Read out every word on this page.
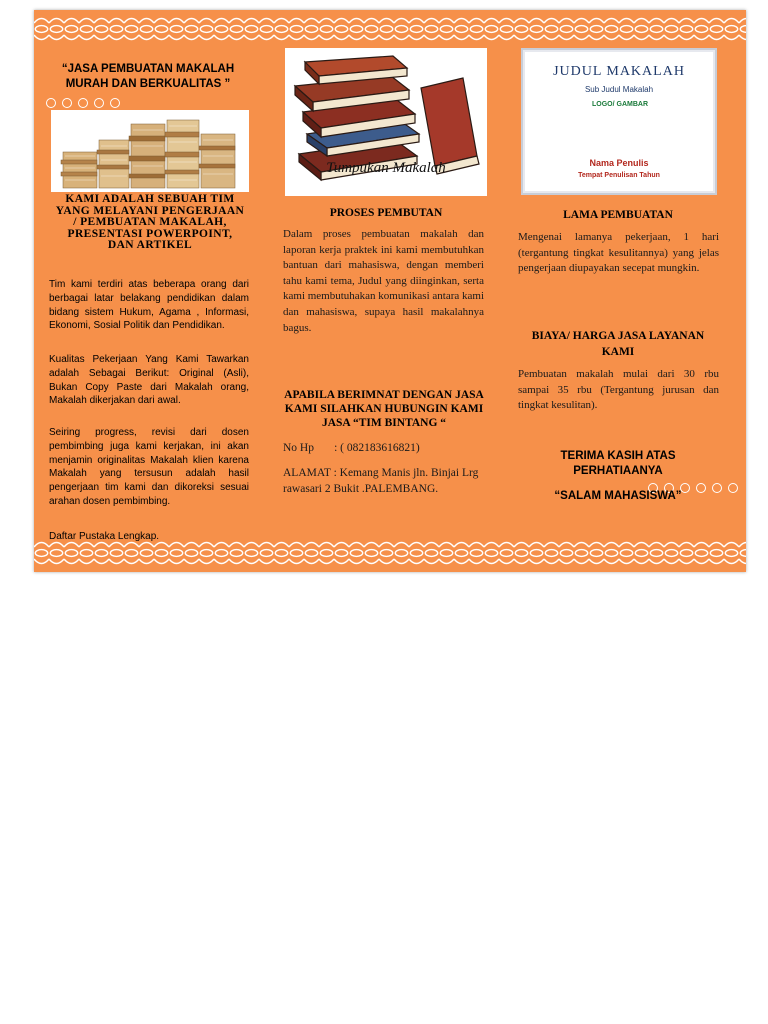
“JASA PEMBUATAN MAKALAH MURAH DAN BERKUALITAS ”
KAMI ADALAH SEBUAH TIM YANG MELAYANI PENGERJAAN / PEMBUATAN MAKALAH, PRESENTASI POWERPOINT, DAN ARTIKEL

Tim kami terdiri atas beberapa orang dari berbagai latar belakang pendidikan dalam bidang sistem Hukum, Agama , Informasi, Ekonomi, Sosial Politik dan Pendidikan.

Kualitas Pekerjaan Yang Kami Tawarkan adalah Sebagai Berikut: Original (Asli), Bukan Copy Paste dari Makalah orang, Makalah dikerjakan dari awal.

Seiring progress, revisi dari dosen pembimbing juga kami kerjakan, ini akan menjamin originalitas Makalah klien karena Makalah yang tersusun adalah hasil pengerjaan tim kami dan dikoreksi sesuai arahan dosen pembimbing.

Daftar Pustaka Lengkap.

Tumpukan Makalah
PROSES PEMBUTAN

Dalam proses pembuatan makalah dan laporan kerja praktek ini kami membutuhkan bantuan dari mahasiswa, dengan memberi tahu kami tema, Judul yang diinginkan, serta kami membutuhakan komunikasi antara kami dan mahasiswa, supaya hasil makalahnya bagus.

APABILA BERIMNAT DENGAN JASA KAMI SILAHKAN HUBUNGIN KAMI JASA “TIM BINTANG “
No Hp       : ( 082183616821)
ALAMAT : Kemang Manis jln. Binjai Lrg rawasari 2 Bukit .PALEMBANG.
JUDUL MAKALAH
Sub Judul Makalah
LOGO/ GAMBAR
Nama Penulis
Tempat Penulisan Tahun
LAMA PEMBUATAN

Mengenai lamanya pekerjaan, 1 hari (tergantung tingkat kesulitannya) yang jelas pengerjaan diupayakan secepat mungkin.

BIAYA/ HARGA JASA LAYANAN KAMI

Pembuatan makalah mulai dari 30 rbu sampai 35 rbu (Tergantung jurusan dan tingkat kesulitan).

TERIMA KASIH ATAS PERHATIAANYA
“SALAM MAHASISWA”
